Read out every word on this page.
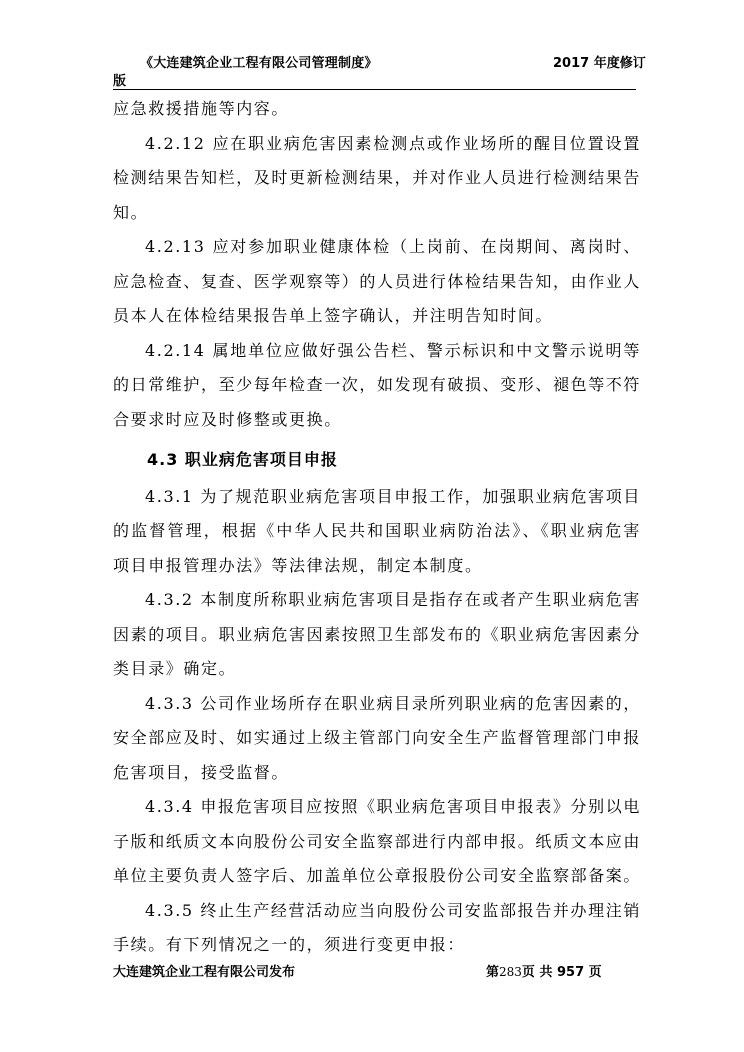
《大连建筑企业工程有限公司管理制度》	2017 年度修订
版

应急救援措施等内容。

4.2.12 应在职业病危害因素检测点或作业场所的醒目位置设置检测结果告知栏，及时更新检测结果，并对作业人员进行检测结果告知。

4.2.13 应对参加职业健康体检（上岗前、在岗期间、离岗时、应急检查、复查、医学观察等）的人员进行体检结果告知，由作业人员本人在体检结果报告单上签字确认，并注明告知时间。

4.2.14 属地单位应做好强公告栏、警示标识和中文警示说明等的日常维护，至少每年检查一次，如发现有破损、变形、褪色等不符合要求时应及时修整或更换。

4.3 职业病危害项目申报

4.3.1 为了规范职业病危害项目申报工作，加强职业病危害项目的监督管理，根据《中华人民共和国职业病防治法》、《职业病危害项目申报管理办法》等法律法规，制定本制度。

4.3.2 本制度所称职业病危害项目是指存在或者产生职业病危害因素的项目。职业病危害因素按照卫生部发布的《职业病危害因素分类目录》确定。

4.3.3 公司作业场所存在职业病目录所列职业病的危害因素的，安全部应及时、如实通过上级主管部门向安全生产监督管理部门申报危害项目，接受监督。

4.3.4 申报危害项目应按照《职业病危害项目申报表》分别以电子版和纸质文本向股份公司安全监察部进行内部申报。纸质文本应由单位主要负责人签字后、加盖单位公章报股份公司安全监察部备案。

4.3.5 终止生产经营活动应当向股份公司安监部报告并办理注销手续。有下列情况之一的，须进行变更申报：

大连建筑企业工程有限公司发布	第283页 共 957 页
